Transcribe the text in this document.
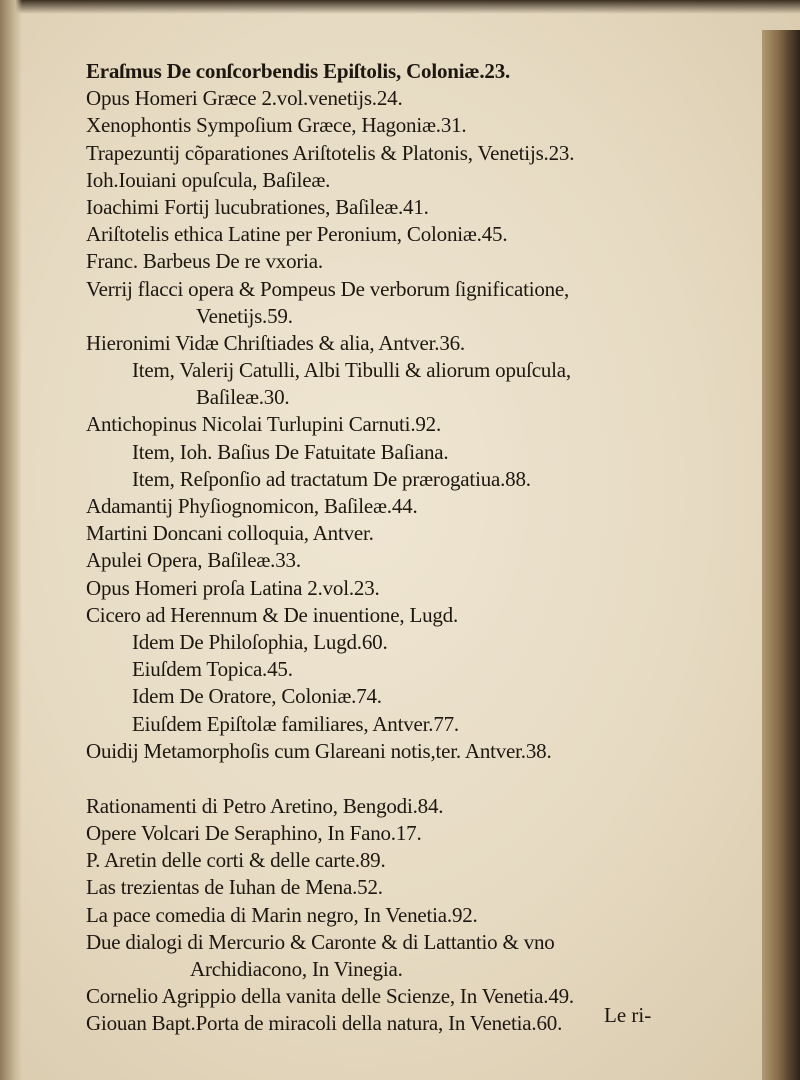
Eraſmus De conſcorbendis Epiſtolis, Coloniæ.23.
Opus Homeri Græce 2.vol.venetijs.24.
Xenophontis Sympoſium Græce, Hagoniæ.31.
Trapezuntij cõparationes Ariſtotelis & Platonis, Venetijs.23.
Ioh.Iouiani opuſcula, Baſileæ.
Ioachimi Fortij lucubrationes, Baſileæ.41.
Ariſtotelis ethica Latine per Peronium, Coloniæ.45.
Franc. Barbeus De re vxoria.
Verrij flacci opera & Pompeus De verborum ſignificatione,
Venetijs.59.
Hieronimi Vidæ Chriſtiades & alia, Antver.36.
Item, Valerij Catulli, Albi Tibulli & aliorum opuſcula,
Baſileæ.30.
Antichopinus Nicolai Turlupini Carnuti.92.
Item, Ioh. Baſius De Fatuitate Baſiana.
Item, Reſponſio ad tractatum De prærogatiua.88.
Adamantij Phyſiognomicon, Baſileæ.44.
Martini Doncani colloquia, Antver.
Apulei Opera, Baſileæ.33.
Opus Homeri proſa Latina 2.vol.23.
Cicero ad Herennum & De inuentione, Lugd.
Idem De Philoſophia, Lugd.60.
Eiuſdem Topica.45.
Idem De Oratore, Coloniæ.74.
Eiuſdem Epiſtolæ familiares, Antver.77.
Ouidij Metamorphoſis cum Glareani notis,ter. Antver.38.
Rationamenti di Petro Aretino, Bengodi.84.
Opere Volcari De Seraphino, In Fano.17.
P. Aretin delle corti & delle carte.89.
Las trezientas de Iuhan de Mena.52.
La pace comedia di Marin negro, In Venetia.92.
Due dialogi di Mercurio & Caronte & di Lattantio & vno
Archidiacono, In Vinegia.
Cornelio Agrippio della vanita delle Scienze, In Venetia.49.
Giouan Bapt.Porta de miracoli della natura, In Venetia.60.	Le ri-
